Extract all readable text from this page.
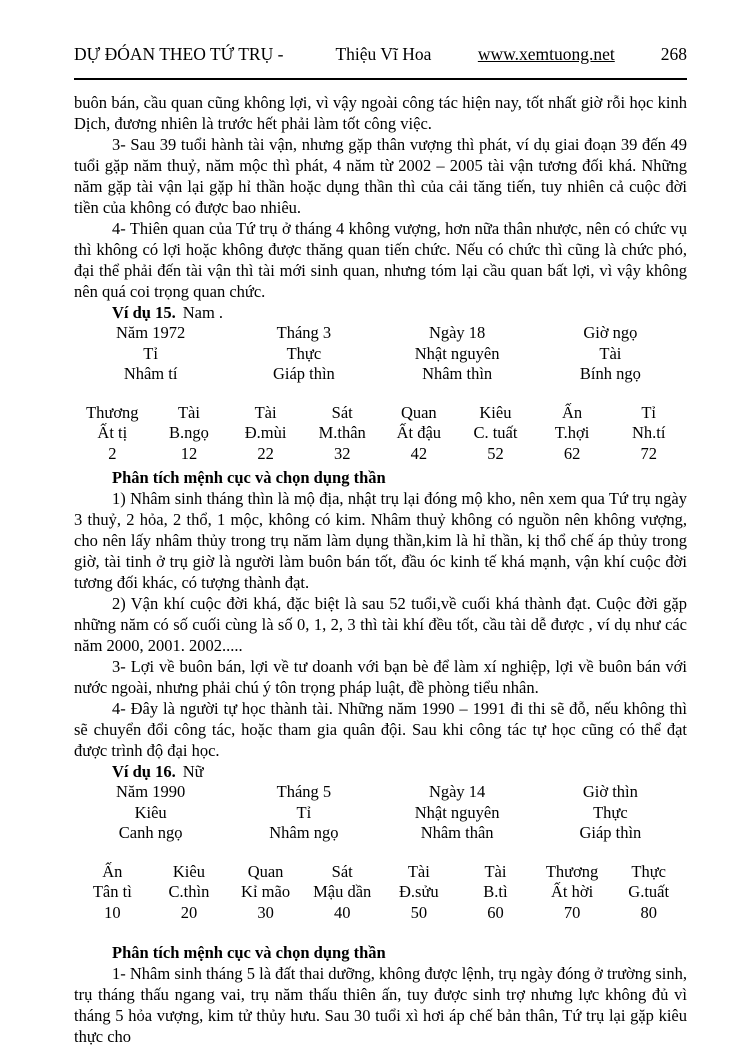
DỰ ĐÓAN THEO TỨ TRỤ -	Thiệu Vĩ Hoa	www.xemtuong.net	268

buôn bán, cầu quan cũng không lợi, vì vậy ngoài công tác hiện nay, tốt nhất giờ rỗi học kinh Dịch, đương nhiên là trước hết phải làm tốt công việc.

3- Sau 39 tuổi hành tài vận, nhưng gặp thân vượng thì phát, ví dụ giai đoạn 39 đến 49 tuổi gặp năm thuỷ, năm mộc thì phát, 4 năm từ 2002 – 2005 tài vận tương đối khá. Những năm gặp tài vận lại gặp hỉ thần hoặc dụng thần thì của cải tăng tiến, tuy nhiên cả cuộc đời tiền của không có được bao nhiêu.

4- Thiên quan của Tứ trụ ở tháng 4 không vượng, hơn nữa thân nhược, nên có chức vụ thì không có lợi hoặc không được thăng quan tiến chức. Nếu có chức thì cũng là chức phó, đại thể phải đến tài vận thì tài mới sinh quan, nhưng tóm lại cầu quan bất lợi, vì vậy không nên quá coi trọng quan chức.

Ví dụ 15. Nam .

Năm 1972	Tháng 3	Ngày 18	Giờ ngọ
Tỉ	Thực	Nhật nguyên	Tài
Nhâm tí	Giáp thìn	Nhâm thìn	Bính ngọ
Thương	Tài	Tài	Sát	Quan	Kiêu	Ấn	Tỉ
Ất tị	B.ngọ	Đ.mùi	M.thân	Ất đậu	C. tuất	T.hợi	Nh.tí
2	12	22	32	42	52	62	72

Phân tích mệnh cục và chọn dụng thần

1) Nhâm sinh tháng thìn là mộ địa, nhật trụ lại đóng mộ kho, nên xem qua Tứ trụ ngày 3 thuỷ, 2 hỏa, 2 thổ, 1 mộc, không có kim. Nhâm thuỷ không có nguồn nên không vượng, cho nên lấy nhâm thủy trong trụ năm làm dụng thần,kim là hỉ thần, kị thổ chế áp thủy trong giờ, tài tinh ở trụ giờ là người làm buôn bán tốt, đầu óc kinh tế khá mạnh, vận khí cuộc đời tương đối khác, có tượng thành đạt.

2) Vận khí cuộc đời khá, đặc biệt là sau 52 tuổi,về cuối khá thành đạt. Cuộc đời gặp những năm có số cuối cùng là số 0, 1, 2, 3 thì tài khí đều tốt, cầu tài dễ được , ví dụ như các năm 2000, 2001. 2002.....

3- Lợi về buôn bán, lợi về tư doanh với bạn bè để làm xí nghiệp, lợi về buôn bán với nước ngoài, nhưng phải chú ý tôn trọng pháp luật, đề phòng tiểu nhân.

4- Đây là người tự học thành tài. Những năm 1990 – 1991 đi thi sẽ đỗ, nếu không thì sẽ chuyển đổi công tác, hoặc tham gia quân đội. Sau khi công tác tự học cũng có thể đạt được trình độ đại học.

Ví dụ 16. Nữ

Năm 1990	Tháng 5	Ngày 14	Giờ thìn
Kiêu	Tỉ	Nhật nguyên	Thực
Canh ngọ	Nhâm ngọ	Nhâm thân	Giáp thìn
Ấn	Kiêu	Quan	Sát	Tài	Tài	Thương	Thực
Tân tì	C.thìn	Kỉ mão	Mậu dần	Đ.sửu	B.tì	Ất hời	G.tuất
10	20	30	40	50	60	70	80

Phân tích mệnh cục và chọn dụng thần

1- Nhâm sinh tháng 5 là đất thai dưỡng, không được lệnh, trụ ngày đóng ở trường sinh, trụ tháng thấu ngang vai, trụ năm thấu thiên ấn, tuy được sinh trợ nhưng lực không đủ vì tháng 5 hỏa vượng, kim tử thủy hưu. Sau 30 tuổi xì hơi áp chế bản thân, Tứ trụ lại gặp kiêu thực cho
